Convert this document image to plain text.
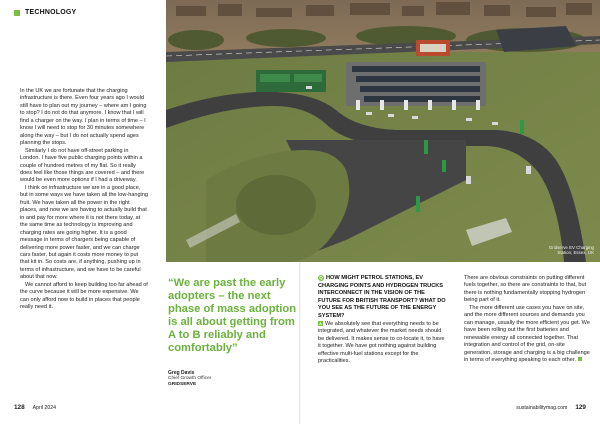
TECHNOLOGY
Gridserve EV Charging
Station, Essex, UK

In the UK we are fortunate that the charging infrastructure is there. Even four years ago I would still have to plan out my journey – where am I going to stop? I do not do that anymore. I know that I will find a charger on the way. I plan in terms of time – I know I will need to stop for 30 minutes somewhere along the way – but I do not actually spend ages planning the stops.

Similarly I do not have off-street parking in London. I have five public charging points within a couple of hundred metres of my flat. So it really does feel like those things are covered – and there would be even more options if I had a driveway.

I think on infrastructure we are in a good place, but in some ways we have taken all the low-hanging fruit. We have taken all the power in the right places, and now we are having to actually build that in and pay for more where it is not there today, at the same time as technology is improving and charging rates are going higher. It is a good message in terms of chargers being capable of delivering more power faster, and we can charge cars faster, but again it costs more money to put that kit in. So costs are, if anything, pushing up in terms of infrastructure, and we have to be careful about that now.

We cannot afford to keep building too far ahead of the curve because it will be more expensive. We can only afford now to build in places that people really need it.

“We are past the early adopters – the next phase of mass adoption is all about getting from A to B reliably and comfortably”
Greg Davis
Chief Growth Officer
GRIDSERVE
Q HOW MIGHT PETROL STATIONS, EV CHARGING POINTS AND HYDROGEN TRUCKS INTERCONNECT IN THE VISION OF THE FUTURE FOR BRITISH TRANSPORT? WHAT DO YOU SEE AS THE FUTURE OF THE ENERGY SYSTEM?
A We absolutely see that everything needs to be integrated, and whatever the market needs should be delivered. It makes sense to co-locate it, to have it together. We have got nothing against building effective multi-fuel stations except for the practicalities.

There are obvious constraints on putting different fuels together, so there are constraints to that, but there is nothing fundamentally stopping hydrogen being part of it.

The more different use cases you have on site, and the more different sources and demands you can manage, usually the more efficient you get. We have been rolling out the first batteries and renewable energy all connected together. That integration and control of the grid, on-site generation, storage and charging is a big challenge in terms of everything speaking to each other.

128 April 2024	sustainabilitymag.com 129
